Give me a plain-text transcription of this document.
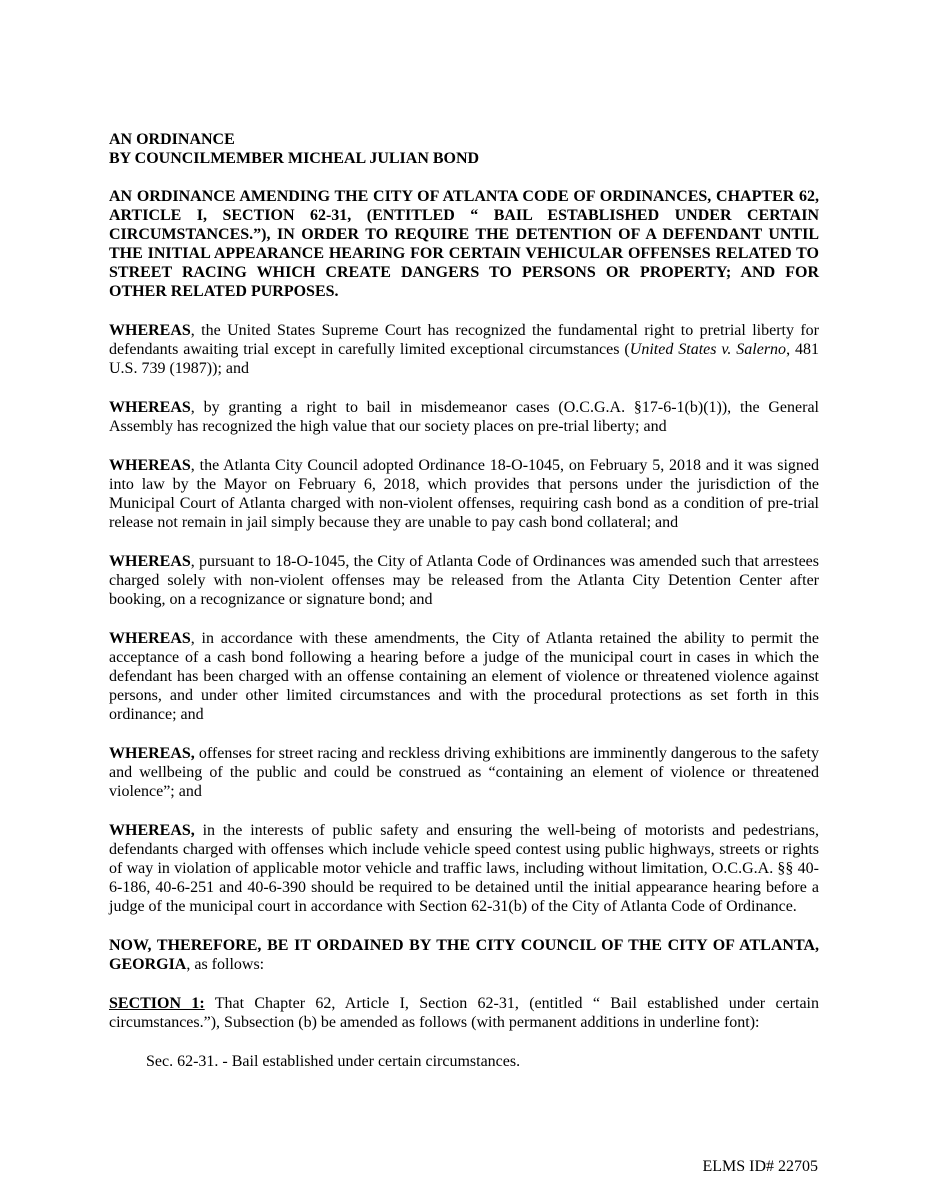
AN ORDINANCE

BY COUNCILMEMBER MICHEAL JULIAN BOND

AN ORDINANCE AMENDING THE CITY OF ATLANTA CODE OF ORDINANCES, CHAPTER 62, ARTICLE I, SECTION 62-31, (ENTITLED “ BAIL ESTABLISHED UNDER CERTAIN CIRCUMSTANCES.”), IN ORDER TO REQUIRE THE DETENTION OF A DEFENDANT UNTIL THE INITIAL APPEARANCE HEARING FOR CERTAIN VEHICULAR OFFENSES RELATED TO STREET RACING WHICH CREATE DANGERS TO PERSONS OR PROPERTY; AND FOR OTHER RELATED PURPOSES.

WHEREAS, the United States Supreme Court has recognized the fundamental right to pretrial liberty for defendants awaiting trial except in carefully limited exceptional circumstances (United States v. Salerno, 481 U.S. 739 (1987)); and

WHEREAS, by granting a right to bail in misdemeanor cases (O.C.G.A. §17-6-1(b)(1)), the General Assembly has recognized the high value that our society places on pre-trial liberty; and

WHEREAS, the Atlanta City Council adopted Ordinance 18-O-1045, on February 5, 2018 and it was signed into law by the Mayor on February 6, 2018, which provides that persons under the jurisdiction of the Municipal Court of Atlanta charged with non-violent offenses, requiring cash bond as a condition of pre-trial release not remain in jail simply because they are unable to pay cash bond collateral; and

WHEREAS, pursuant to 18-O-1045, the City of Atlanta Code of Ordinances was amended such that arrestees charged solely with non-violent offenses may be released from the Atlanta City Detention Center after booking, on a recognizance or signature bond; and

WHEREAS, in accordance with these amendments, the City of Atlanta retained the ability to permit the acceptance of a cash bond following a hearing before a judge of the municipal court in cases in which the defendant has been charged with an offense containing an element of violence or threatened violence against persons, and under other limited circumstances and with the procedural protections as set forth in this ordinance; and

WHEREAS, offenses for street racing and reckless driving exhibitions are imminently dangerous to the safety and wellbeing of the public and could be construed as “containing an element of violence or threatened violence”; and

WHEREAS, in the interests of public safety and ensuring the well-being of motorists and pedestrians, defendants charged with offenses which include vehicle speed contest using public highways, streets or rights of way in violation of applicable motor vehicle and traffic laws, including without limitation, O.C.G.A. §§ 40-6-186, 40-6-251 and 40-6-390 should be required to be detained until the initial appearance hearing before a judge of the municipal court in accordance with Section 62-31(b) of the City of Atlanta Code of Ordinance.

NOW, THEREFORE, BE IT ORDAINED BY THE CITY COUNCIL OF THE CITY OF ATLANTA, GEORGIA, as follows:

SECTION 1: That Chapter 62, Article I, Section 62-31, (entitled “ Bail established under certain circumstances.”), Subsection (b) be amended as follows (with permanent additions in underline font):

Sec. 62-31. - Bail established under certain circumstances.

ELMS ID# 22705
